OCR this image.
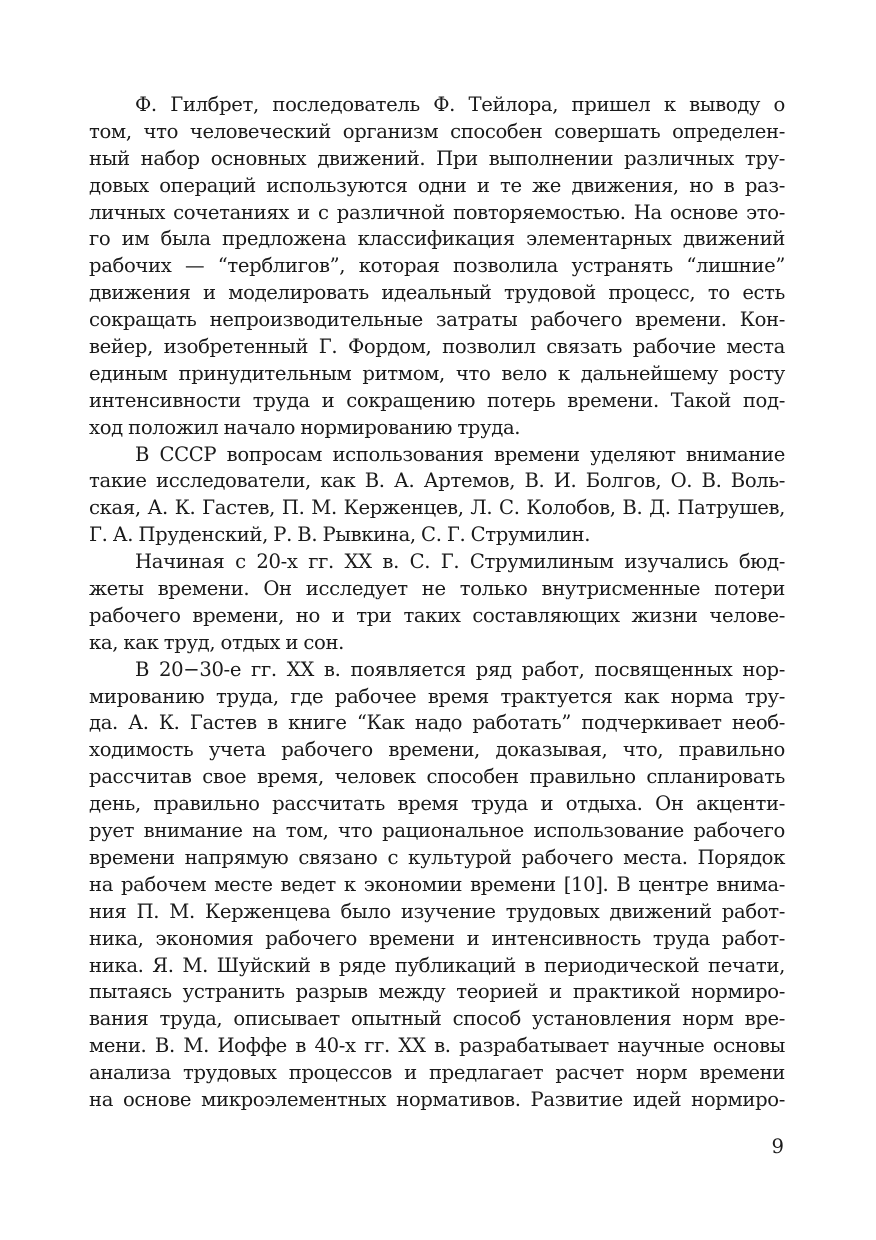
Ф. Гилбрет, последователь Ф. Тейлора, пришел к выводу о
том, что человеческий организм способен совершать определен-
ный набор основных движений. При выполнении различных тру-
довых операций используются одни и те же движения, но в раз-
личных сочетаниях и с различной повторяемостью. На основе это-
го им была предложена классификация элементарных движений
рабочих — “терблигов”, которая позволила устранять “лишние”
движения и моделировать идеальный трудовой процесс, то есть
сокращать непроизводительные затраты рабочего времени. Кон-
вейер, изобретенный Г. Фордом, позволил связать рабочие места
единым принудительным ритмом, что вело к дальнейшему росту
интенсивности труда и сокращению потерь времени. Такой под-
ход положил начало нормированию труда.
В СССР вопросам использования времени уделяют внимание
такие исследователи, как В. А. Артемов, В. И. Болгов, О. В. Воль-
ская, А. К. Гастев, П. М. Керженцев, Л. С. Колобов, В. Д. Патрушев,
Г. А. Пруденский, Р. В. Рывкина, С. Г. Струмилин.
Начиная с 20-х гг. XX в. С. Г. Струмилиным изучались бюд-
жеты времени. Он исследует не только внутрисменные потери
рабочего времени, но и три таких составляющих жизни челове-
ка, как труд, отдых и сон.
В 20−30-е гг. XX в. появляется ряд работ, посвященных нор-
мированию труда, где рабочее время трактуется как норма тру-
да. А. К. Гастев в книге “Как надо работать” подчеркивает необ-
ходимость учета рабочего времени, доказывая, что, правильно
рассчитав свое время, человек способен правильно спланировать
день, правильно рассчитать время труда и отдыха. Он акценти-
рует внимание на том, что рациональное использование рабочего
времени напрямую связано с культурой рабочего места. Порядок
на рабочем месте ведет к экономии времени [10]. В центре внима-
ния П. М. Керженцева было изучение трудовых движений работ-
ника, экономия рабочего времени и интенсивность труда работ-
ника. Я. М. Шуйский в ряде публикаций в периодической печати,
пытаясь устранить разрыв между теорией и практикой нормиро-
вания труда, описывает опытный способ установления норм вре-
мени. В. М. Иоффе в 40-х гг. XX в. разрабатывает научные основы
анализа трудовых процессов и предлагает расчет норм времени
на основе микроэлементных нормативов. Развитие идей нормиро-
9
